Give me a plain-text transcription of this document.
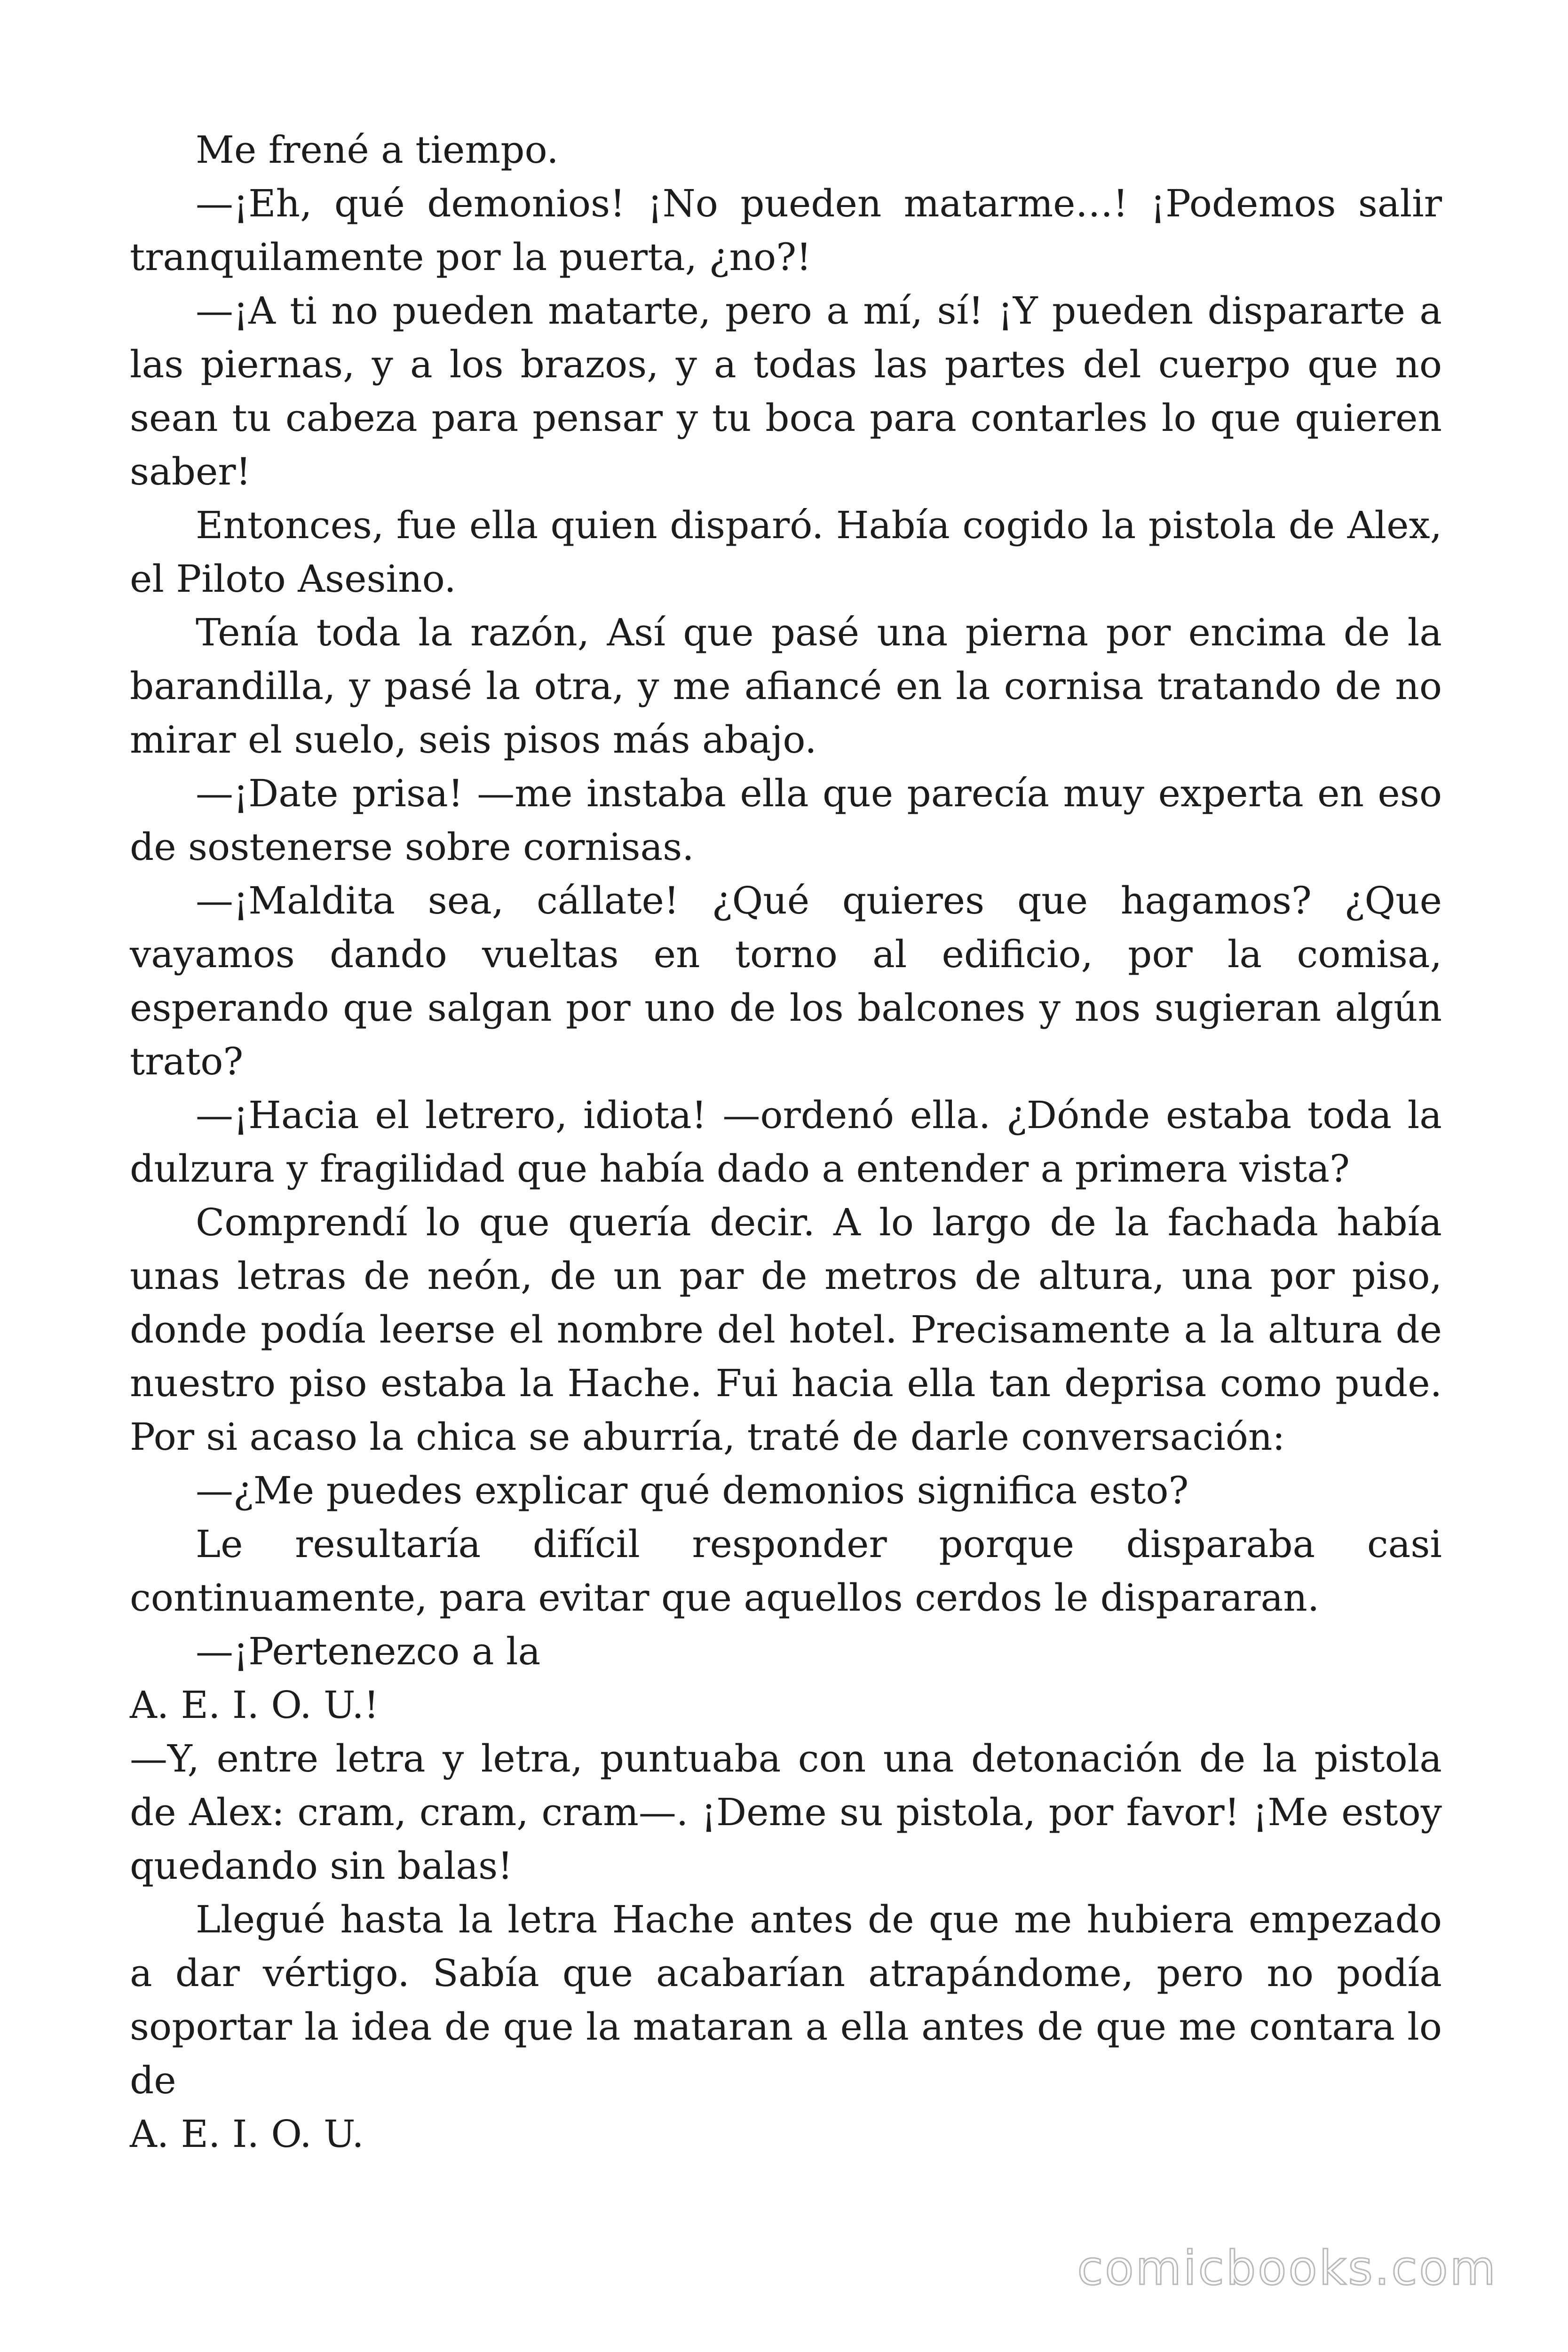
Me frené a tiempo.

—¡Eh, qué demonios! ¡No pueden matarme…! ¡Podemos salir tranquilamente por la puerta, ¿no?!

—¡A ti no pueden matarte, pero a mí, sí! ¡Y pueden dispararte a las piernas, y a los brazos, y a todas las partes del cuerpo que no sean tu cabeza para pensar y tu boca para contarles lo que quieren saber!

Entonces, fue ella quien disparó. Había cogido la pistola de Alex, el Piloto Asesino.

Tenía toda la razón, Así que pasé una pierna por encima de la barandilla, y pasé la otra, y me afiancé en la cornisa tratando de no mirar el suelo, seis pisos más abajo.

—¡Date prisa! —me instaba ella que parecía muy experta en eso de sostenerse sobre cornisas.

—¡Maldita sea, cállate! ¿Qué quieres que hagamos? ¿Que vayamos dando vueltas en torno al edificio, por la comisa, esperando que salgan por uno de los balcones y nos sugieran algún trato?

—¡Hacia el letrero, idiota! —ordenó ella. ¿Dónde estaba toda la dulzura y fragilidad que había dado a entender a primera vista?

Comprendí lo que quería decir. A lo largo de la fachada había unas letras de neón, de un par de metros de altura, una por piso, donde podía leerse el nombre del hotel. Precisamente a la altura de nuestro piso estaba la Hache. Fui hacia ella tan deprisa como pude. Por si acaso la chica se aburría, traté de darle conversación:

—¿Me puedes explicar qué demonios significa esto?

Le resultaría difícil responder porque disparaba casi continuamente, para evitar que aquellos cerdos le dispararan.

—¡Pertenezco a la

A. E. I. O. U.!

—Y, entre letra y letra, puntuaba con una detonación de la pistola de Alex: cram, cram, cram—. ¡Deme su pistola, por favor! ¡Me estoy quedando sin balas!

Llegué hasta la letra Hache antes de que me hubiera empezado a dar vértigo. Sabía que acabarían atrapándome, pero no podía soportar la idea de que la mataran a ella antes de que me contara lo de

A. E. I. O. U.

comicbooks.com
